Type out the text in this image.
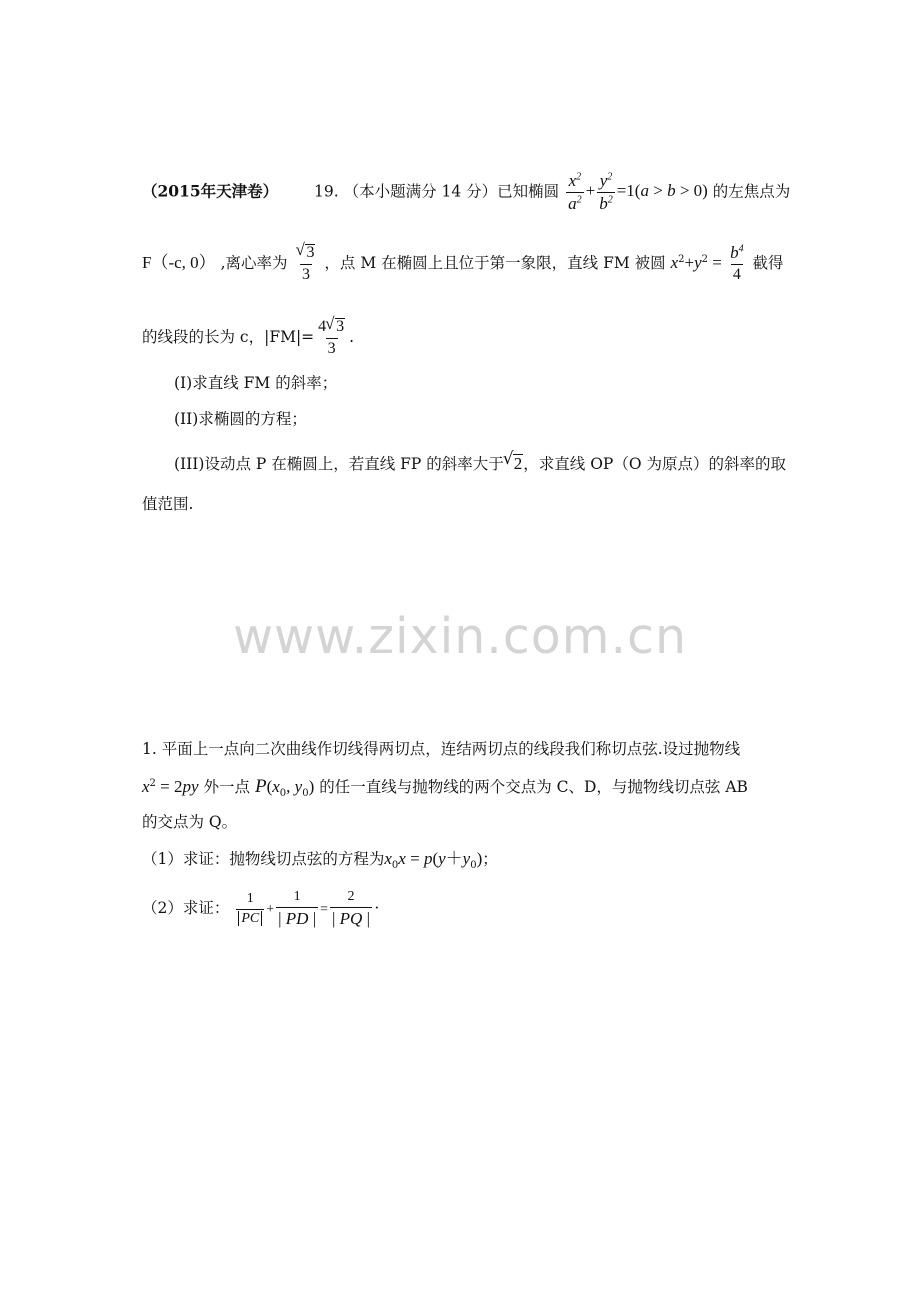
（2015年天津卷） 19. （本小题满分 14 分）已知椭圆 $\frac{x^2}{a^2} + \frac{y^2}{b^2} =1(a > b > 0)$ 的左焦点为
F（-c, 0） ,离心率为 √ $\frac{3}{3}$ ，点 M 在椭圆上且位于第一象限，直线 FM 被圆 $x^2+y^2 = \frac{b^4}{4}$ 截得
的线段的长为 c，$|FM|= \frac{4 √ 3}{3}$ .
(I)求直线 FM 的斜率；
(II)求椭圆的方程；
(III)设动点 P 在椭圆上，若直线 FP 的斜率大于 √ 2，求直线 OP（O 为原点）的斜率的取
值范围.
www.zixin.com.cn
1. 平面上一点向二次曲线作切线得两切点，连结两切点的线段我们称切点弦.设过抛物线
$x^2 = 2py$ 外一点 $P(x_0$, $y_0$) 的任一直线与抛物线的两个交点为 C、D，与抛物线切点弦 AB
的交点为 Q。
（1）求证：抛物线切点弦的方程为$x_0x = p(y+y_0)$；
（2）求证： $\frac{1}{PC} + \frac{1}{| PD |} = \frac{2}{| PQ |}$ ·
